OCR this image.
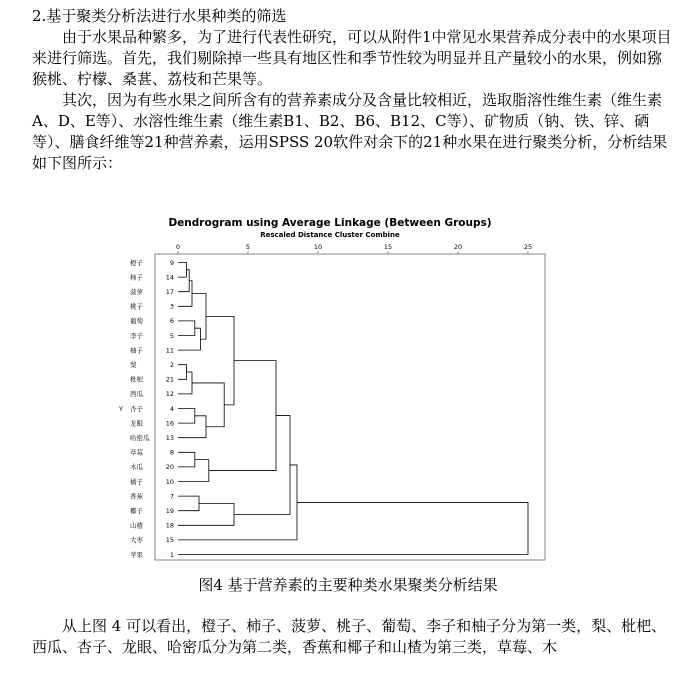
2.基于聚类分析法进行水果种类的筛选

由于水果品种繁多，为了进行代表性研究，可以从附件1中常见水果营养成分表中的水果项目来进行筛选。首先，我们剔除掉一些具有地区性和季节性较为明显并且产量较小的水果，例如猕猴桃、柠檬、桑葚、荔枝和芒果等。

其次，因为有些水果之间所含有的营养素成分及含量比较相近，选取脂溶性维生素（维生素A、D、E等）、水溶性维生素（维生素B1、B2、B6、B12、C等）、矿物质（钠、铁、锌、硒等）、膳食纤维等21种营养素，运用SPSS 20软件对余下的21种水果在进行聚类分析，分析结果如下图所示：

Dendrogram using Average Linkage (Between Groups)
Rescaled Distance Cluster Combine
0	5	10	15	20	25
橙子	9
柿子	14
菠萝	17
桃子	3
葡萄	6
李子	5
柚子	11
梨	2
枇杷	21
西瓜	12
杏子	4
龙眼	16
哈密瓜 13
草莓	8
木瓜	20
橘子	10
香蕉	7
椰子	19
山楂	18
大枣	15
苹果	1
Y
图4 基于营养素的主要种类水果聚类分析结果

从上图 4 可以看出，橙子、柿子、菠萝、桃子、葡萄、李子和柚子分为第一类，梨、枇杷、西瓜、杏子、龙眼、哈密瓜分为第二类，香蕉和椰子和山楂为第三类，草莓、木
